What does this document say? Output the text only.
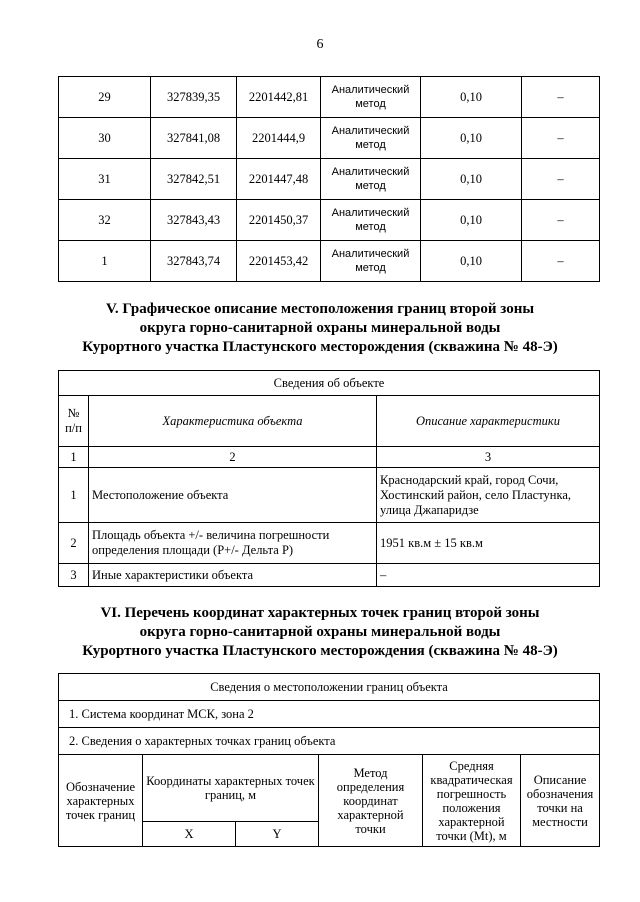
6
29	327839,35	2201442,81	Аналитический метод	0,10	–
30	327841,08	2201444,9	Аналитический метод	0,10	–
31	327842,51	2201447,48	Аналитический метод	0,10	–
32	327843,43	2201450,37	Аналитический метод	0,10	–
1	327843,74	2201453,42	Аналитический метод	0,10	–
V. Графическое описание местоположения границ второй зоны
округа горно-санитарной охраны минеральной воды
Курортного участка Пластунского месторождения (скважина № 48-Э)
Сведения об объекте		
№ п/п	Характеристика объекта	Описание характеристики
1	2	3
1	Местоположение объекта	Краснодарский край, город Сочи, Хостинский район, село Пластунка, улица Джапаридзе
2	Площадь объекта +/- величина погрешности определения площади (P+/- Дельта P)	1951 кв.м ± 15 кв.м
3	Иные характеристики объекта	–
VI. Перечень координат характерных точек границ второй зоны
округа горно-санитарной охраны минеральной воды
Курортного участка Пластунского месторождения (скважина № 48-Э)
Сведения о местоположении границ объекта					
1. Система координат МСК, зона 2					
2. Сведения о характерных точках границ объекта					
Обозначение характерных точек границ	Координаты характерных точек границ, м		Метод определения координат характерной точки	Средняя квадратическая погрешность положения характерной точки (Mt), м	Описание обозначения точки на местности
	X	Y			
